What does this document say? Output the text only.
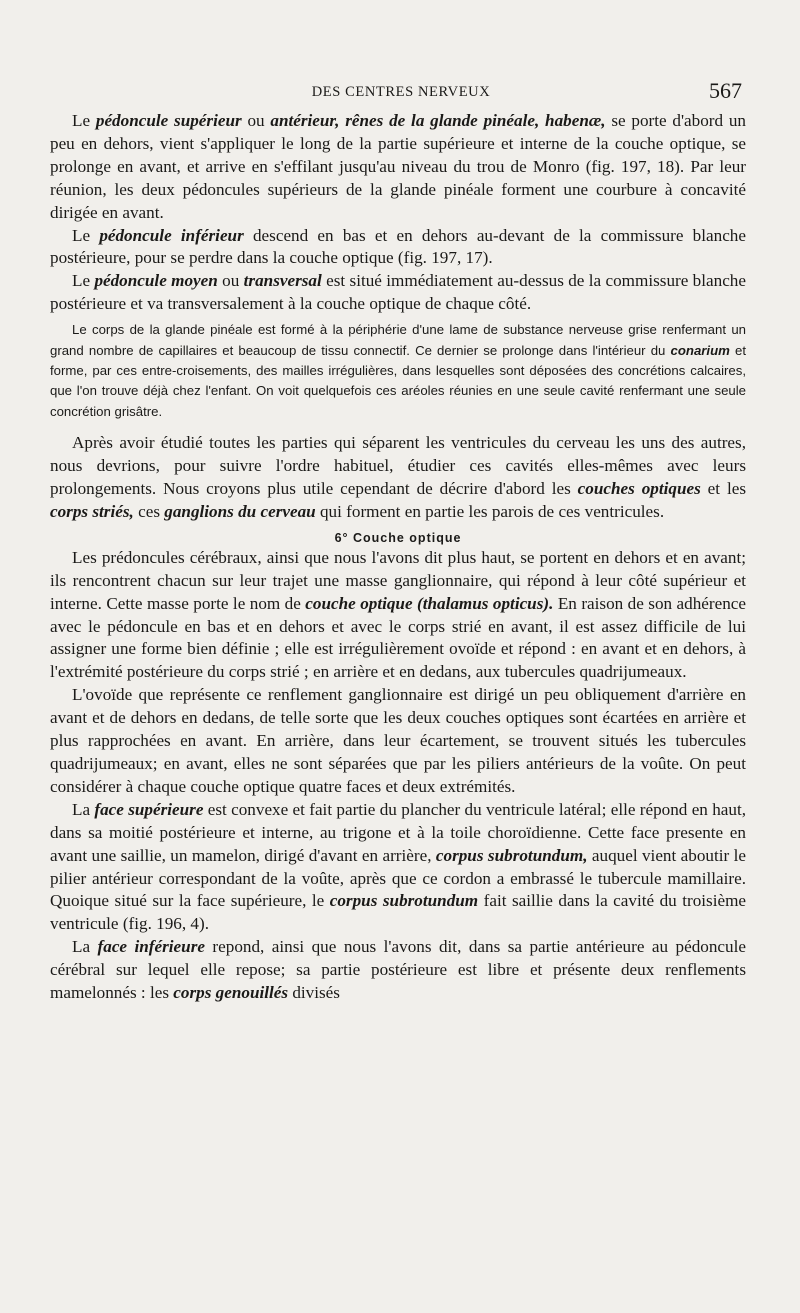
DES CENTRES NERVEUX	567

Le pédoncule supérieur ou antérieur, rênes de la glande pinéale, habenæ, se porte d'abord un peu en dehors, vient s'appliquer le long de la partie supérieure et interne de la couche optique, se prolonge en avant, et arrive en s'effilant jusqu'au niveau du trou de Monro (fig. 197, 18). Par leur réunion, les deux pédoncules supérieurs de la glande pinéale forment une courbure à concavité dirigée en avant.

Le pédoncule inférieur descend en bas et en dehors au-devant de la commissure blanche postérieure, pour se perdre dans la couche optique (fig. 197, 17).

Le pédoncule moyen ou transversal est situé immédiatement au-dessus de la commissure blanche postérieure et va transversalement à la couche optique de chaque côté.

Le corps de la glande pinéale est formé à la périphérie d'une lame de substance nerveuse grise renfermant un grand nombre de capillaires et beaucoup de tissu connectif. Ce dernier se prolonge dans l'intérieur du conarium et forme, par ces entre-croisements, des mailles irrégulières, dans lesquelles sont déposées des concrétions calcaires, que l'on trouve déjà chez l'enfant. On voit quelquefois ces aréoles réunies en une seule cavité renfermant une seule concrétion grisâtre.

Après avoir étudié toutes les parties qui séparent les ventricules du cerveau les uns des autres, nous devrions, pour suivre l'ordre habituel, étudier ces cavités elles-mêmes avec leurs prolongements. Nous croyons plus utile cependant de décrire d'abord les couches optiques et les corps striés, ces ganglions du cerveau qui forment en partie les parois de ces ventricules.

6° Couche optique

Les prédoncules cérébraux, ainsi que nous l'avons dit plus haut, se portent en dehors et en avant; ils rencontrent chacun sur leur trajet une masse ganglionnaire, qui répond à leur côté supérieur et interne. Cette masse porte le nom de couche optique (thalamus opticus). En raison de son adhérence avec le pédoncule en bas et en dehors et avec le corps strié en avant, il est assez difficile de lui assigner une forme bien définie ; elle est irrégulièrement ovoïde et répond : en avant et en dehors, à l'extrémité postérieure du corps strié ; en arrière et en dedans, aux tubercules quadrijumeaux.

L'ovoïde que représente ce renflement ganglionnaire est dirigé un peu obliquement d'arrière en avant et de dehors en dedans, de telle sorte que les deux couches optiques sont écartées en arrière et plus rapprochées en avant. En arrière, dans leur écartement, se trouvent situés les tubercules quadrijumeaux; en avant, elles ne sont séparées que par les piliers antérieurs de la voûte. On peut considérer à chaque couche optique quatre faces et deux extrémités.

La face supérieure est convexe et fait partie du plancher du ventricule latéral; elle répond en haut, dans sa moitié postérieure et interne, au trigone et à la toile choroïdienne. Cette face presente en avant une saillie, un mamelon, dirigé d'avant en arrière, corpus subrotundum, auquel vient aboutir le pilier antérieur correspondant de la voûte, après que ce cordon a embrassé le tubercule mamillaire. Quoique situé sur la face supérieure, le corpus subrotundum fait saillie dans la cavité du troisième ventricule (fig. 196, 4).

La face inférieure repond, ainsi que nous l'avons dit, dans sa partie antérieure au pédoncule cérébral sur lequel elle repose; sa partie postérieure est libre et présente deux renflements mamelonnés : les corps genouillés divisés
